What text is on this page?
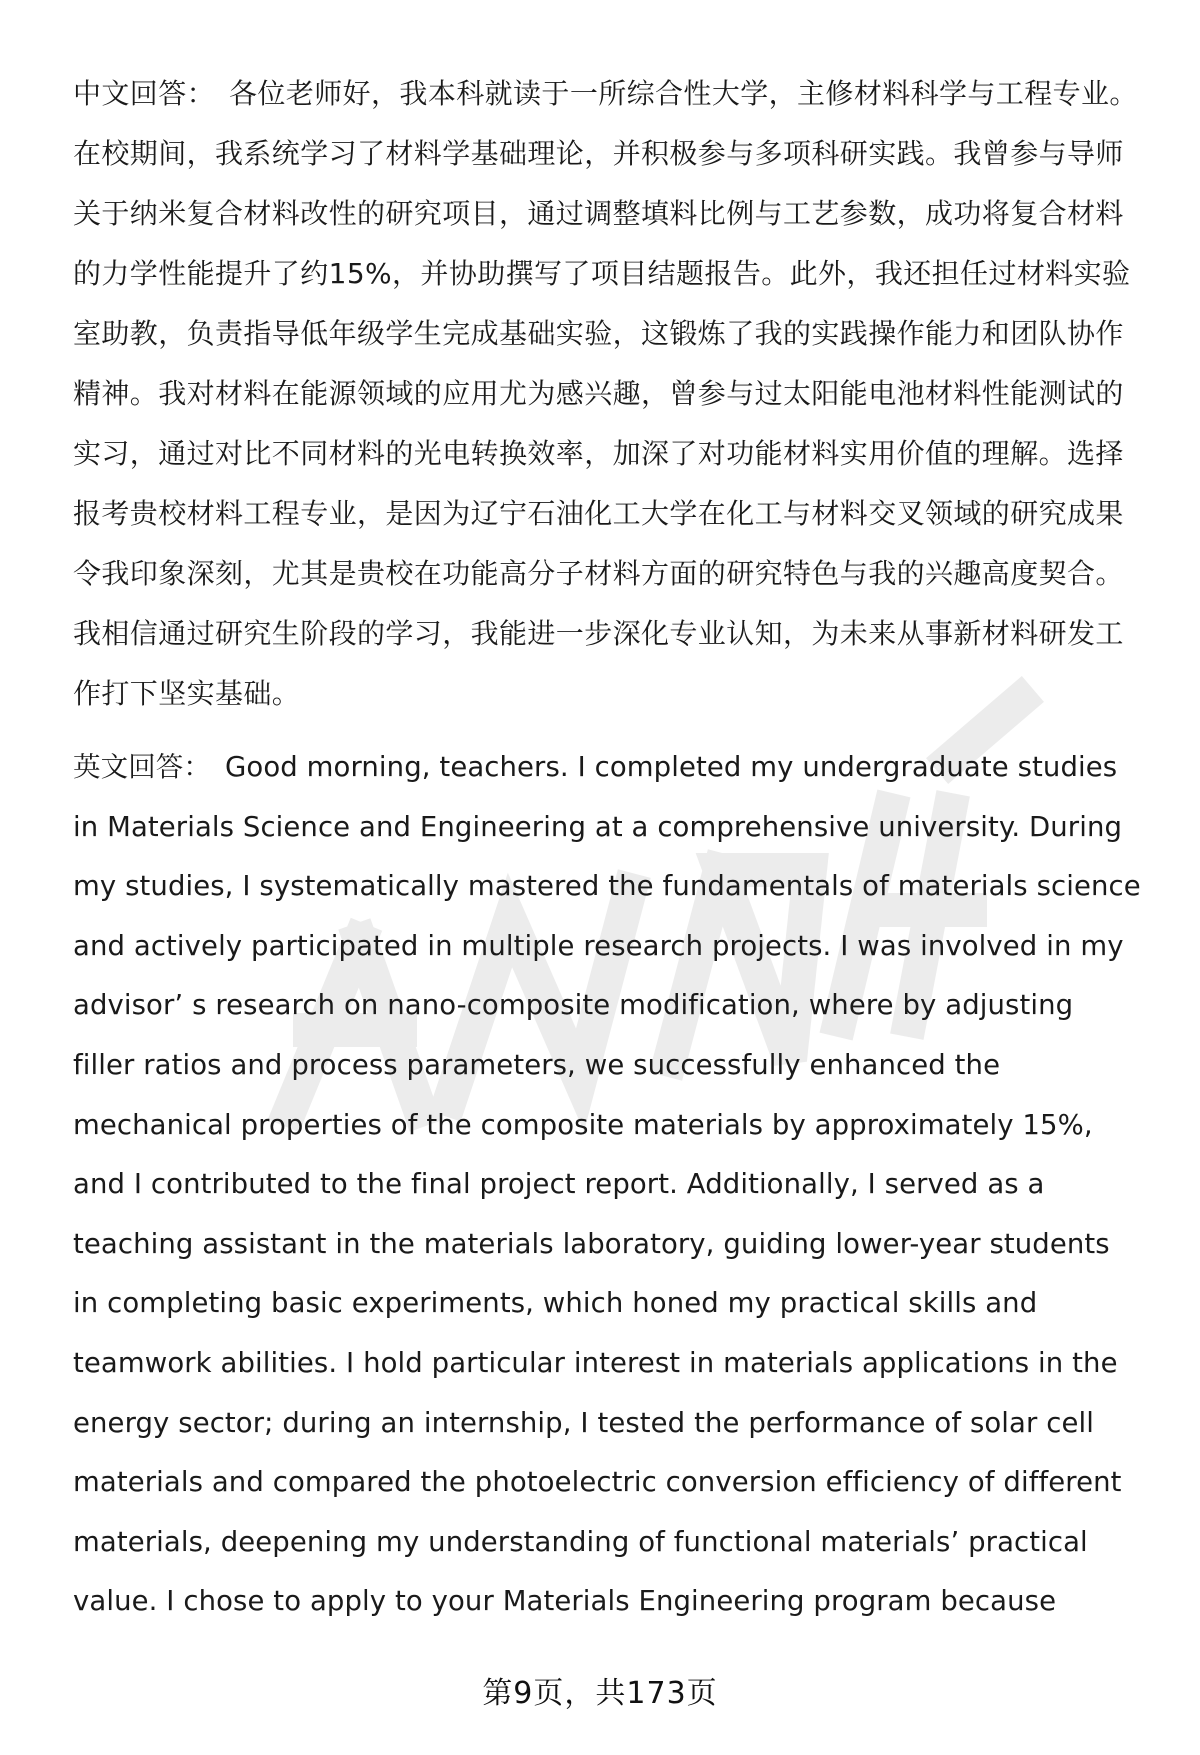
中文回答： 各位老师好，我本科就读于一所综合性大学，主修材料科学与工程专业。在校期间，我系统学习了材料学基础理论，并积极参与多项科研实践。我曾参与导师关于纳米复合材料改性的研究项目，通过调整填料比例与工艺参数，成功将复合材料的力学性能提升了约15%，并协助撰写了项目结题报告。此外，我还担任过材料实验室助教，负责指导低年级学生完成基础实验，这锻炼了我的实践操作能力和团队协作精神。我对材料在能源领域的应用尤为感兴趣，曾参与过太阳能电池材料性能测试的实习，通过对比不同材料的光电转换效率，加深了对功能材料实用价值的理解。选择报考贵校材料工程专业，是因为辽宁石油化工大学在化工与材料交叉领域的研究成果令我印象深刻，尤其是贵校在功能高分子材料方面的研究特色与我的兴趣高度契合。我相信通过研究生阶段的学习，我能进一步深化专业认知，为未来从事新材料研发工作打下坚实基础。

英文回答： Good morning, teachers. I completed my undergraduate studies in Materials Science and Engineering at a comprehensive university. During my studies, I systematically mastered the fundamentals of materials science and actively participated in multiple research projects. I was involved in my advisor’ s research on nano-composite modification, where by adjusting filler ratios and process parameters, we successfully enhanced the mechanical properties of the composite materials by approximately 15%, and I contributed to the final project report. Additionally, I served as a teaching assistant in the materials laboratory, guiding lower-year students in completing basic experiments, which honed my practical skills and teamwork abilities. I hold particular interest in materials applications in the energy sector; during an internship, I tested the performance of solar cell materials and compared the photoelectric conversion efficiency of different materials, deepening my understanding of functional materials’ practical value. I chose to apply to your Materials Engineering program because

第9页，共173页
